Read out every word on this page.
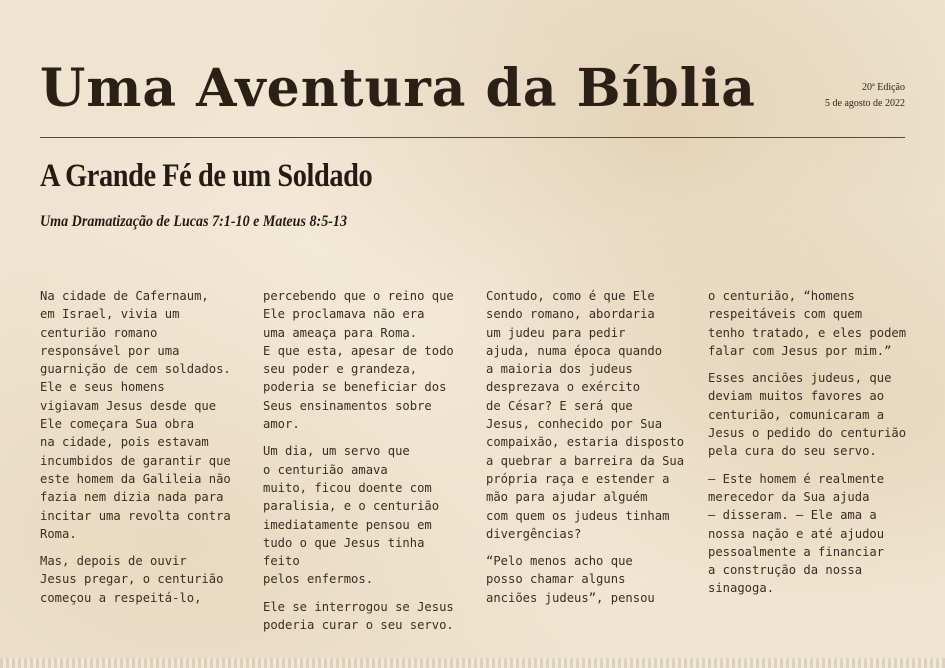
Uma Aventura da Bíblia	20ª Edição
5 de agosto de 2022
A Grande Fé de um Soldado
Uma Dramatização de Lucas 7:1-10 e Mateus 8:5-13

Na cidade de Cafernaum,
em Israel, vivia um
centurião romano
responsável por uma
guarnição de cem soldados.
Ele e seus homens
vigiavam Jesus desde que
Ele começara Sua obra
na cidade, pois estavam
incumbidos de garantir que
este homem da Galileia não
fazia nem dizia nada para
incitar uma revolta contra
Roma.

Mas, depois de ouvir
Jesus pregar, o centurião
começou a respeitá-lo,

percebendo que o reino que
Ele proclamava não era
uma ameaça para Roma.
E que esta, apesar de todo
seu poder e grandeza,
poderia se beneficiar dos
Seus ensinamentos sobre
amor.

Um dia, um servo que
o centurião amava
muito, ficou doente com
paralisia, e o centurião
imediatamente pensou em
tudo o que Jesus tinha feito
pelos enfermos.

Ele se interrogou se Jesus
poderia curar o seu servo.

Contudo, como é que Ele
sendo romano, abordaria
um judeu para pedir
ajuda, numa época quando
a maioria dos judeus
desprezava o exército
de César? E será que
Jesus, conhecido por Sua
compaixão, estaria disposto
a quebrar a barreira da Sua
própria raça e estender a
mão para ajudar alguém
com quem os judeus tinham
divergências?

“Pelo menos acho que
posso chamar alguns
anciões judeus”, pensou

o centurião, “homens
respeitáveis com quem
tenho tratado, e eles podem
falar com Jesus por mim.”

Esses anciões judeus, que
deviam muitos favores ao
centurião, comunicaram a
Jesus o pedido do centurião
pela cura do seu servo.

— Este homem é realmente
merecedor da Sua ajuda
— disseram. — Ele ama a
nossa nação e até ajudou
pessoalmente a financiar
a construção da nossa
sinagoga.
